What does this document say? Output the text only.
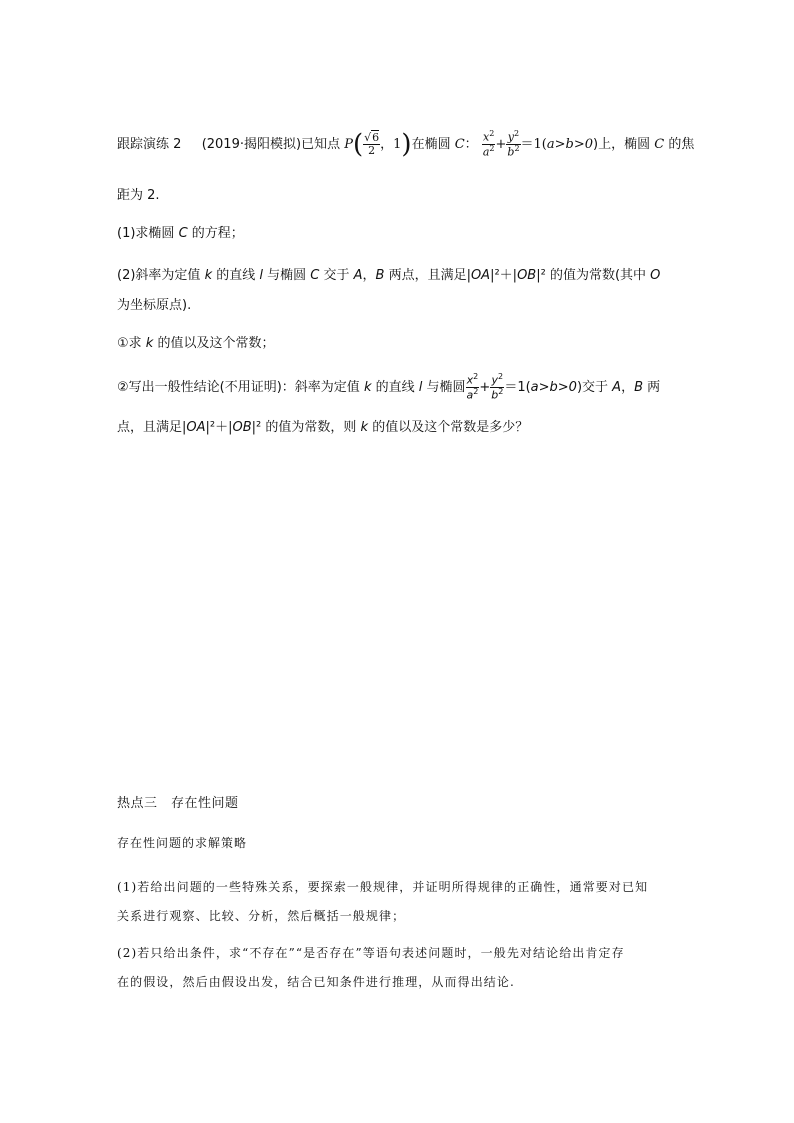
跟踪演练 2 (2019·揭阳模拟)已知点 $P( \frac{√6}{2}$ ，1)在椭圆 C： $\frac{x^2}{a^2} + \frac{y^2}{b^2} =1(a>b>0)$上，椭圆 C 的焦
距为 2.
(1)求椭圆 C 的方程；
(2)斜率为定值 k 的直线 l 与椭圆 C 交于 A，B 两点，且满足|OA|²＋|OB|² 的值为常数(其中 O
为坐标原点).
①求 k 的值以及这个常数；
②写出一般性结论(不用证明)：斜率为定值 k 的直线 l 与椭圆 $\frac{x^2}{a^2} + \frac{y^2}{b^2} =1(a>b>0)$交于 A，B 两
点，且满足|OA|²＋|OB|² 的值为常数，则 k 的值以及这个常数是多少？
热点三　存在性问题
存在性问题的求解策略
(1)若给出问题的一些特殊关系，要探索一般规律，并证明所得规律的正确性，通常要对已知
关系进行观察、比较、分析，然后概括一般规律；
(2)若只给出条件，求“不存在”“是否存在”等语句表述问题时，一般先对结论给出肯定存
在的假设，然后由假设出发，结合已知条件进行推理，从而得出结论.
